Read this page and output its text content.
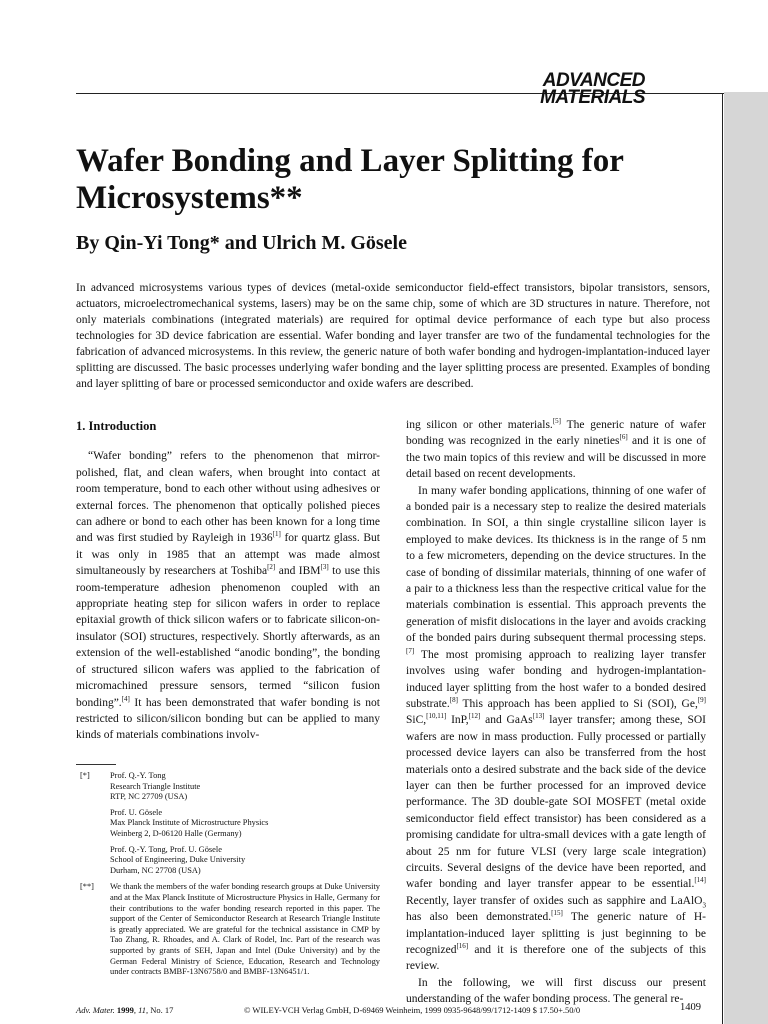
ADVANCED
MATERIALS
Wafer Bonding and Layer Splitting for Microsystems**
By Qin-Yi Tong* and Ulrich M. Gösele

In advanced microsystems various types of devices (metal-oxide semiconductor field-effect transistors, bipolar transistors, sensors, actuators, microelectromechanical systems, lasers) may be on the same chip, some of which are 3D structures in nature. Therefore, not only materials combinations (integrated materials) are required for optimal device performance of each type but also process technologies for 3D device fabrication are essential. Wafer bonding and layer transfer are two of the fundamental technologies for the fabrication of advanced microsystems. In this review, the generic nature of both wafer bonding and hydrogen-implantation-induced layer splitting are discussed. The basic processes underlying wafer bonding and the layer splitting process are presented. Examples of bonding and layer splitting of bare or processed semiconductor and oxide wafers are described.

1. Introduction

“Wafer bonding” refers to the phenomenon that mirror-polished, flat, and clean wafers, when brought into contact at room temperature, bond to each other without using adhesives or external forces. The phenomenon that optically polished pieces can adhere or bond to each other has been known for a long time and was first studied by Rayleigh in 1936[1] for quartz glass. But it was only in 1985 that an attempt was made almost simultaneously by researchers at Toshiba[2] and IBM[3] to use this room-temperature adhesion phenomenon coupled with an appropriate heating step for silicon wafers in order to replace epitaxial growth of thick silicon wafers or to fabricate silicon-on-insulator (SOI) structures, respectively. Shortly afterwards, as an extension of the well-established “anodic bonding”, the bonding of structured silicon wafers was applied to the fabrication of micromachined pressure sensors, termed “silicon fusion bonding”.[4] It has been demonstrated that wafer bonding is not restricted to silicon/silicon bonding but can be applied to many kinds of materials combinations involv-

ing silicon or other materials.[5] The generic nature of wafer bonding was recognized in the early nineties[6] and it is one of the two main topics of this review and will be discussed in more detail based on recent developments.

In many wafer bonding applications, thinning of one wafer of a bonded pair is a necessary step to realize the desired materials combination. In SOI, a thin single crystalline silicon layer is employed to make devices. Its thickness is in the range of 5 nm to a few micrometers, depending on the device structures. In the case of bonding of dissimilar materials, thinning of one wafer of a pair to a thickness less than the respective critical value for the materials combination is essential. This approach prevents the generation of misfit dislocations in the layer and avoids cracking of the bonded pairs during subsequent thermal processing steps.[7] The most promising approach to realizing layer transfer involves using wafer bonding and hydrogen-implantation-induced layer splitting from the host wafer to a bonded desired substrate.[8] This approach has been applied to Si (SOI), Ge,[9] SiC,[10,11] InP,[12] and GaAs[13] layer transfer; among these, SOI wafers are now in mass production. Fully processed or partially processed device layers can also be transferred from the host materials onto a desired substrate and the back side of the device layer can then be further processed for an improved device performance. The 3D double-gate SOI MOSFET (metal oxide semiconductor field effect transistor) has been considered as a promising candidate for ultra-small devices with a gate length of about 25 nm for future VLSI (very large scale integration) circuits. Several designs of the device have been reported, and wafer bonding and layer transfer appear to be essential.[14] Recently, layer transfer of oxides such as sapphire and LaAlO$_3$ has also been demonstrated.[15] The generic nature of H-implantation-induced layer splitting is just beginning to be recognized[16] and it is therefore one of the subjects of this review.

In the following, we will first discuss our present understanding of the wafer bonding process. The general re-

[*]	Prof. Q.-Y. Tong
Research Triangle Institute
RTP, NC 27709 (USA)

Prof. U. Gösele
Max Planck Institute of Microstructure Physics
Weinberg 2, D-06120 Halle (Germany)

Prof. Q.-Y. Tong, Prof. U. Gösele
School of Engineering, Duke University
Durham, NC 27708 (USA)

[**]	We thank the members of the wafer bonding research groups at Duke University and at the Max Planck Institute of Microstructure Physics in Halle, Germany for their contributions to the wafer bonding research reported in this paper. The support of the Center of Semiconductor Research at Research Triangle Institute is greatly appreciated. We are grateful for the technical assistance in CMP by Tao Zhang, R. Rhoades, and A. Clark of Rodel, Inc. Part of the research was supported by grants of SEH, Japan and Intel (Duke University) and by the German Federal Ministry of Science, Education, Research and Technology under contracts BMBF-13N6758/0 and BMBF-13N6451/1.

Adv. Mater. 1999, 11, No. 17	© WILEY-VCH Verlag GmbH, D-69469 Weinheim, 1999 0935-9648/99/1712-1409 $ 17.50+.50/0	1409
